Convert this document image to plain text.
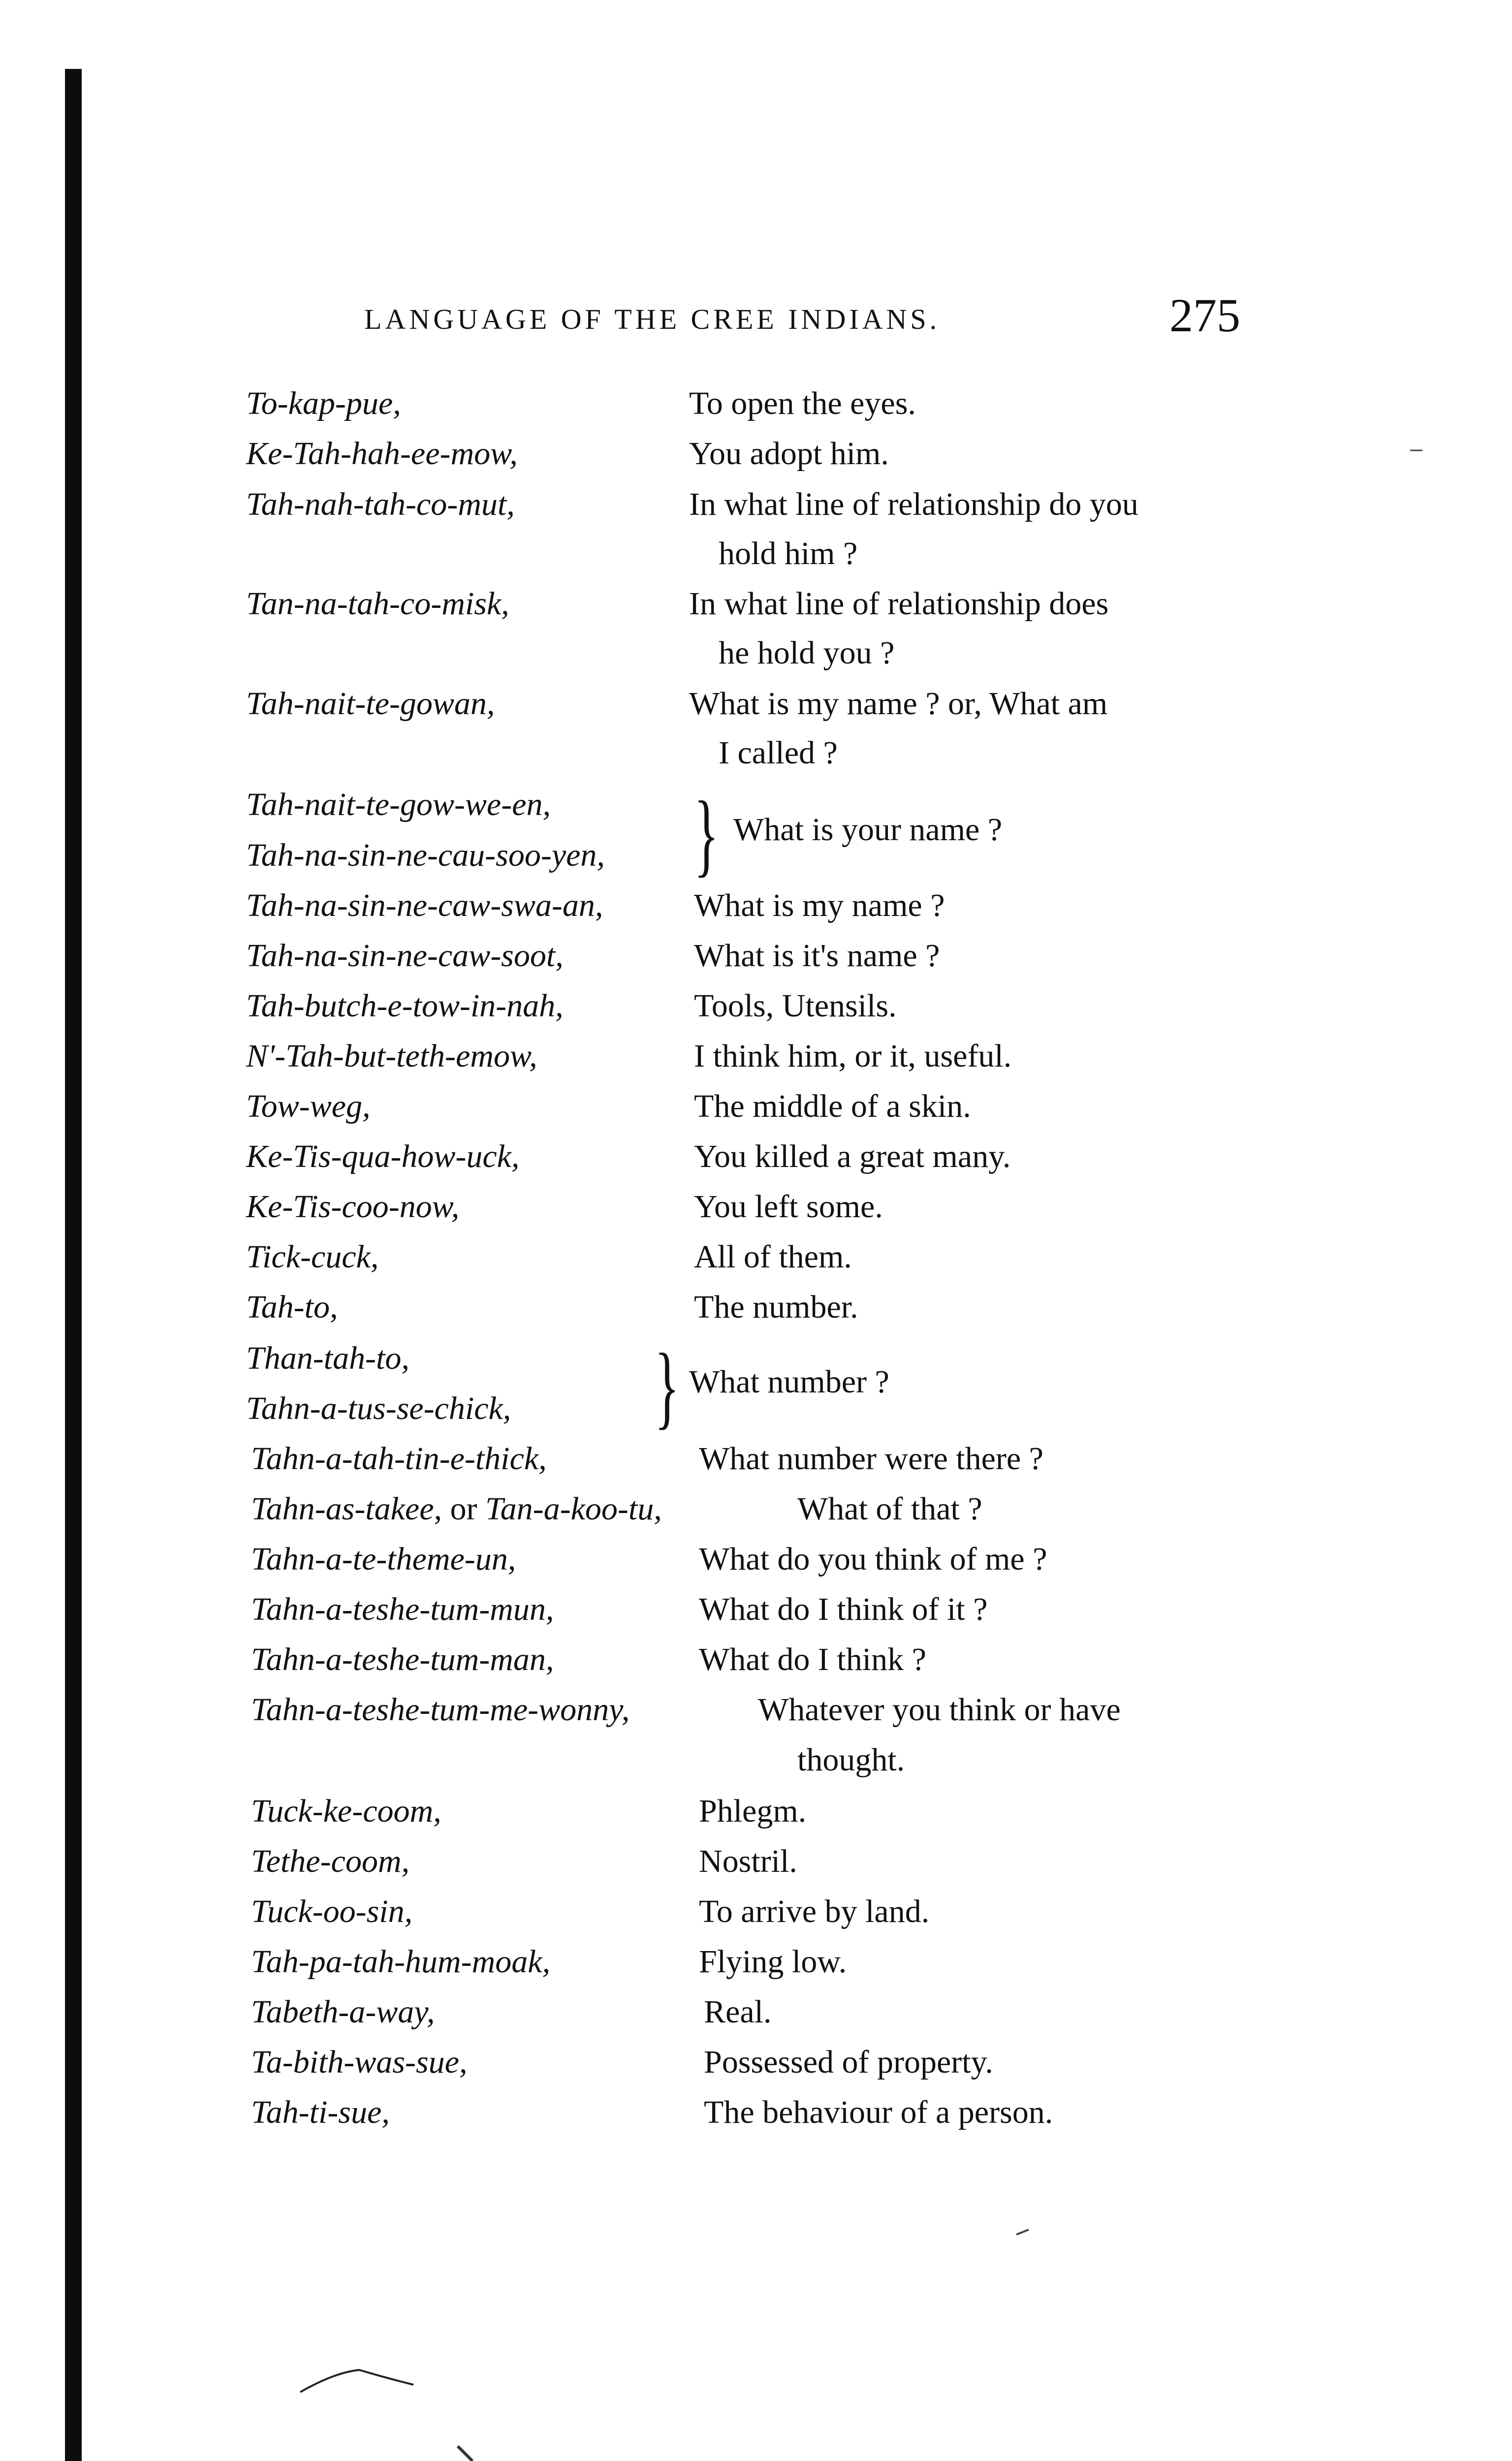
LANGUAGE OF THE CREE INDIANS.	275
To-kap-pue,	To open the eyes.
Ke-Tah-hah-ee-mow,	You adopt him.
Tah-nah-tah-co-mut,	In what line of relationship do you
hold him ?
Tan-na-tah-co-misk,	In what line of relationship does
he hold you ?
Tah-nait-te-gowan,	What is my name ? or, What am
I called ?
Tah-nait-te-gow-we-en,
Tah-na-sin-ne-cau-soo-yen, } What is your name ?
Tah-na-sin-ne-caw-swa-an,	What is my name ?
Tah-na-sin-ne-caw-soot,	What is it's name ?
Tah-butch-e-tow-in-nah,	Tools, Utensils.
N'-Tah-but-teth-emow,	I think him, or it, useful.
Tow-weg,	The middle of a skin.
Ke-Tis-qua-how-uck,	You killed a great many.
Ke-Tis-coo-now,	You left some.
Tick-cuck,	All of them.
Tah-to,	The number.
Than-tah-to,
Tahn-a-tus-se-chick, } What number ?
Tahn-a-tah-tin-e-thick,	What number were there ?
Tahn-as-takee, or Tan-a-koo-tu,	What of that ?
Tahn-a-te-theme-un,	What do you think of me ?
Tahn-a-teshe-tum-mun,	What do I think of it ?
Tahn-a-teshe-tum-man,	What do I think ?
Tahn-a-teshe-tum-me-wonny,	Whatever you think or have
thought.
Tuck-ke-coom,	Phlegm.
Tethe-coom,	Nostril.
Tuck-oo-sin,	To arrive by land.
Tah-pa-tah-hum-moak,	Flying low.
Tabeth-a-way,	Real.
Ta-bith-was-sue,	Possessed of property.
Tah-ti-sue,	The behaviour of a person.
